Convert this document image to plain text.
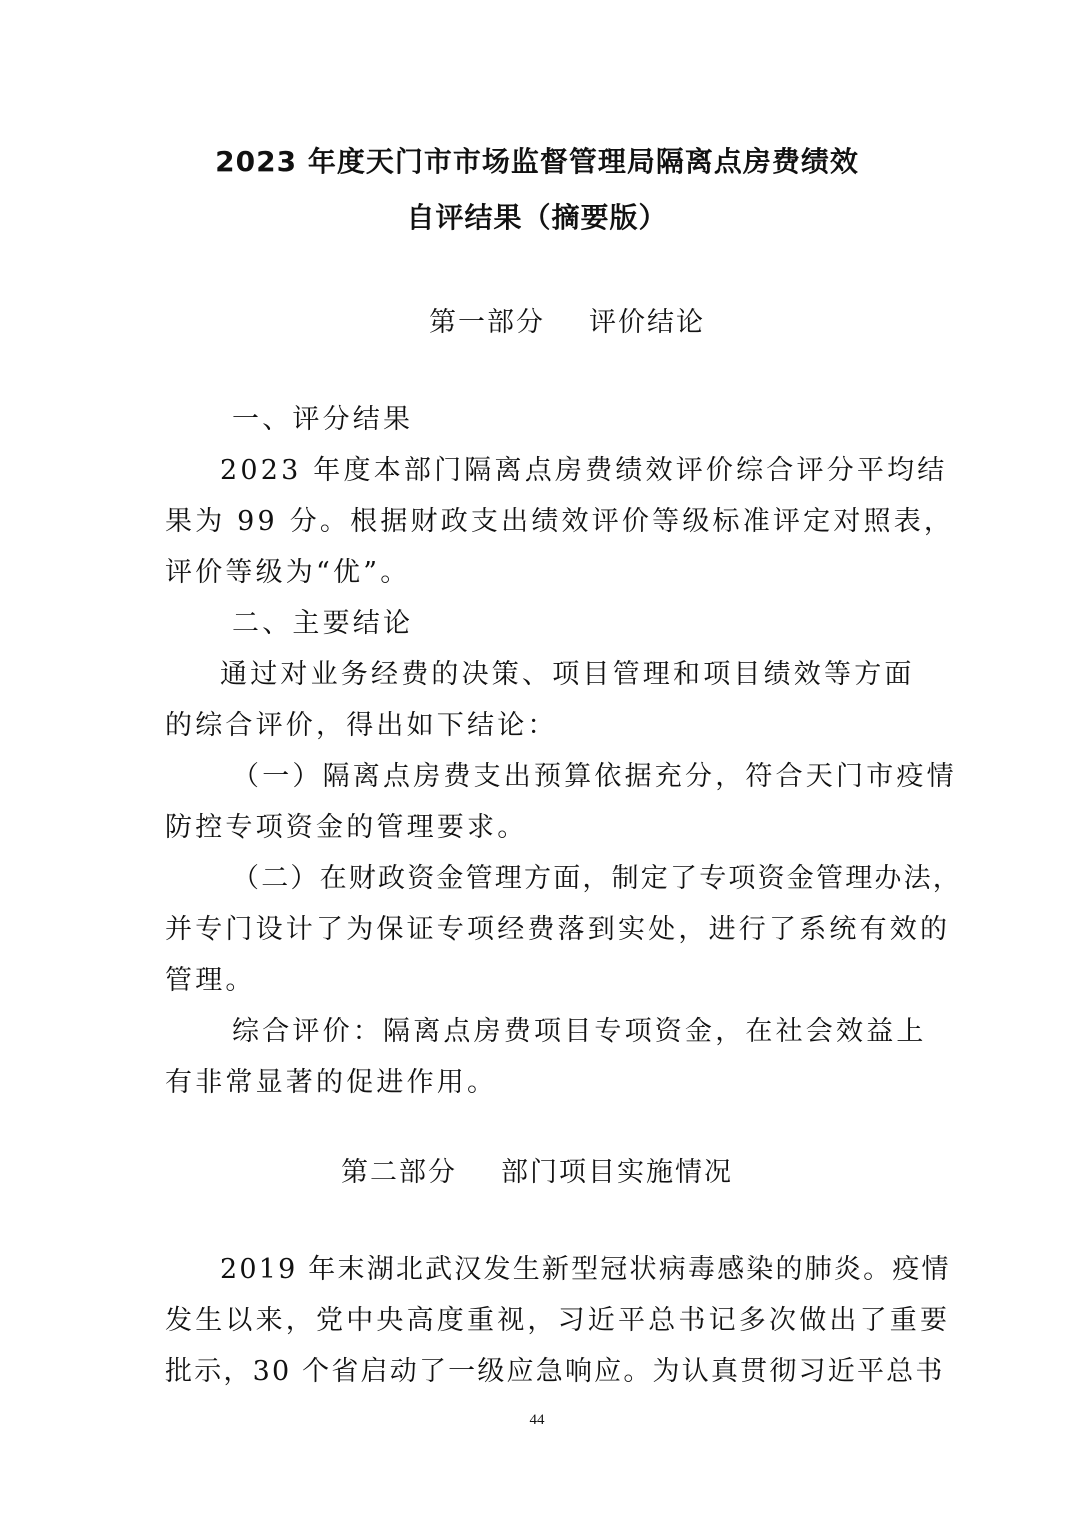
2023 年度天门市市场监督管理局隔离点房费绩效
自评结果（摘要版）
第一部分 评价结论
一、评分结果
2023 年度本部门隔离点房费绩效评价综合评分平均结
果为 99 分。根据财政支出绩效评价等级标准评定对照表，
评价等级为“优”。
二、主要结论
通过对业务经费的决策、项目管理和项目绩效等方面
的综合评价，得出如下结论：
（一）隔离点房费支出预算依据充分，符合天门市疫情
防控专项资金的管理要求。
（二）在财政资金管理方面，制定了专项资金管理办法，
并专门设计了为保证专项经费落到实处，进行了系统有效的
管理。
综合评价：隔离点房费项目专项资金，在社会效益上
有非常显著的促进作用。
第二部分 部门项目实施情况
2019 年末湖北武汉发生新型冠状病毒感染的肺炎。疫情
发生以来，党中央高度重视，习近平总书记多次做出了重要
批示，30 个省启动了一级应急响应。为认真贯彻习近平总书
44
